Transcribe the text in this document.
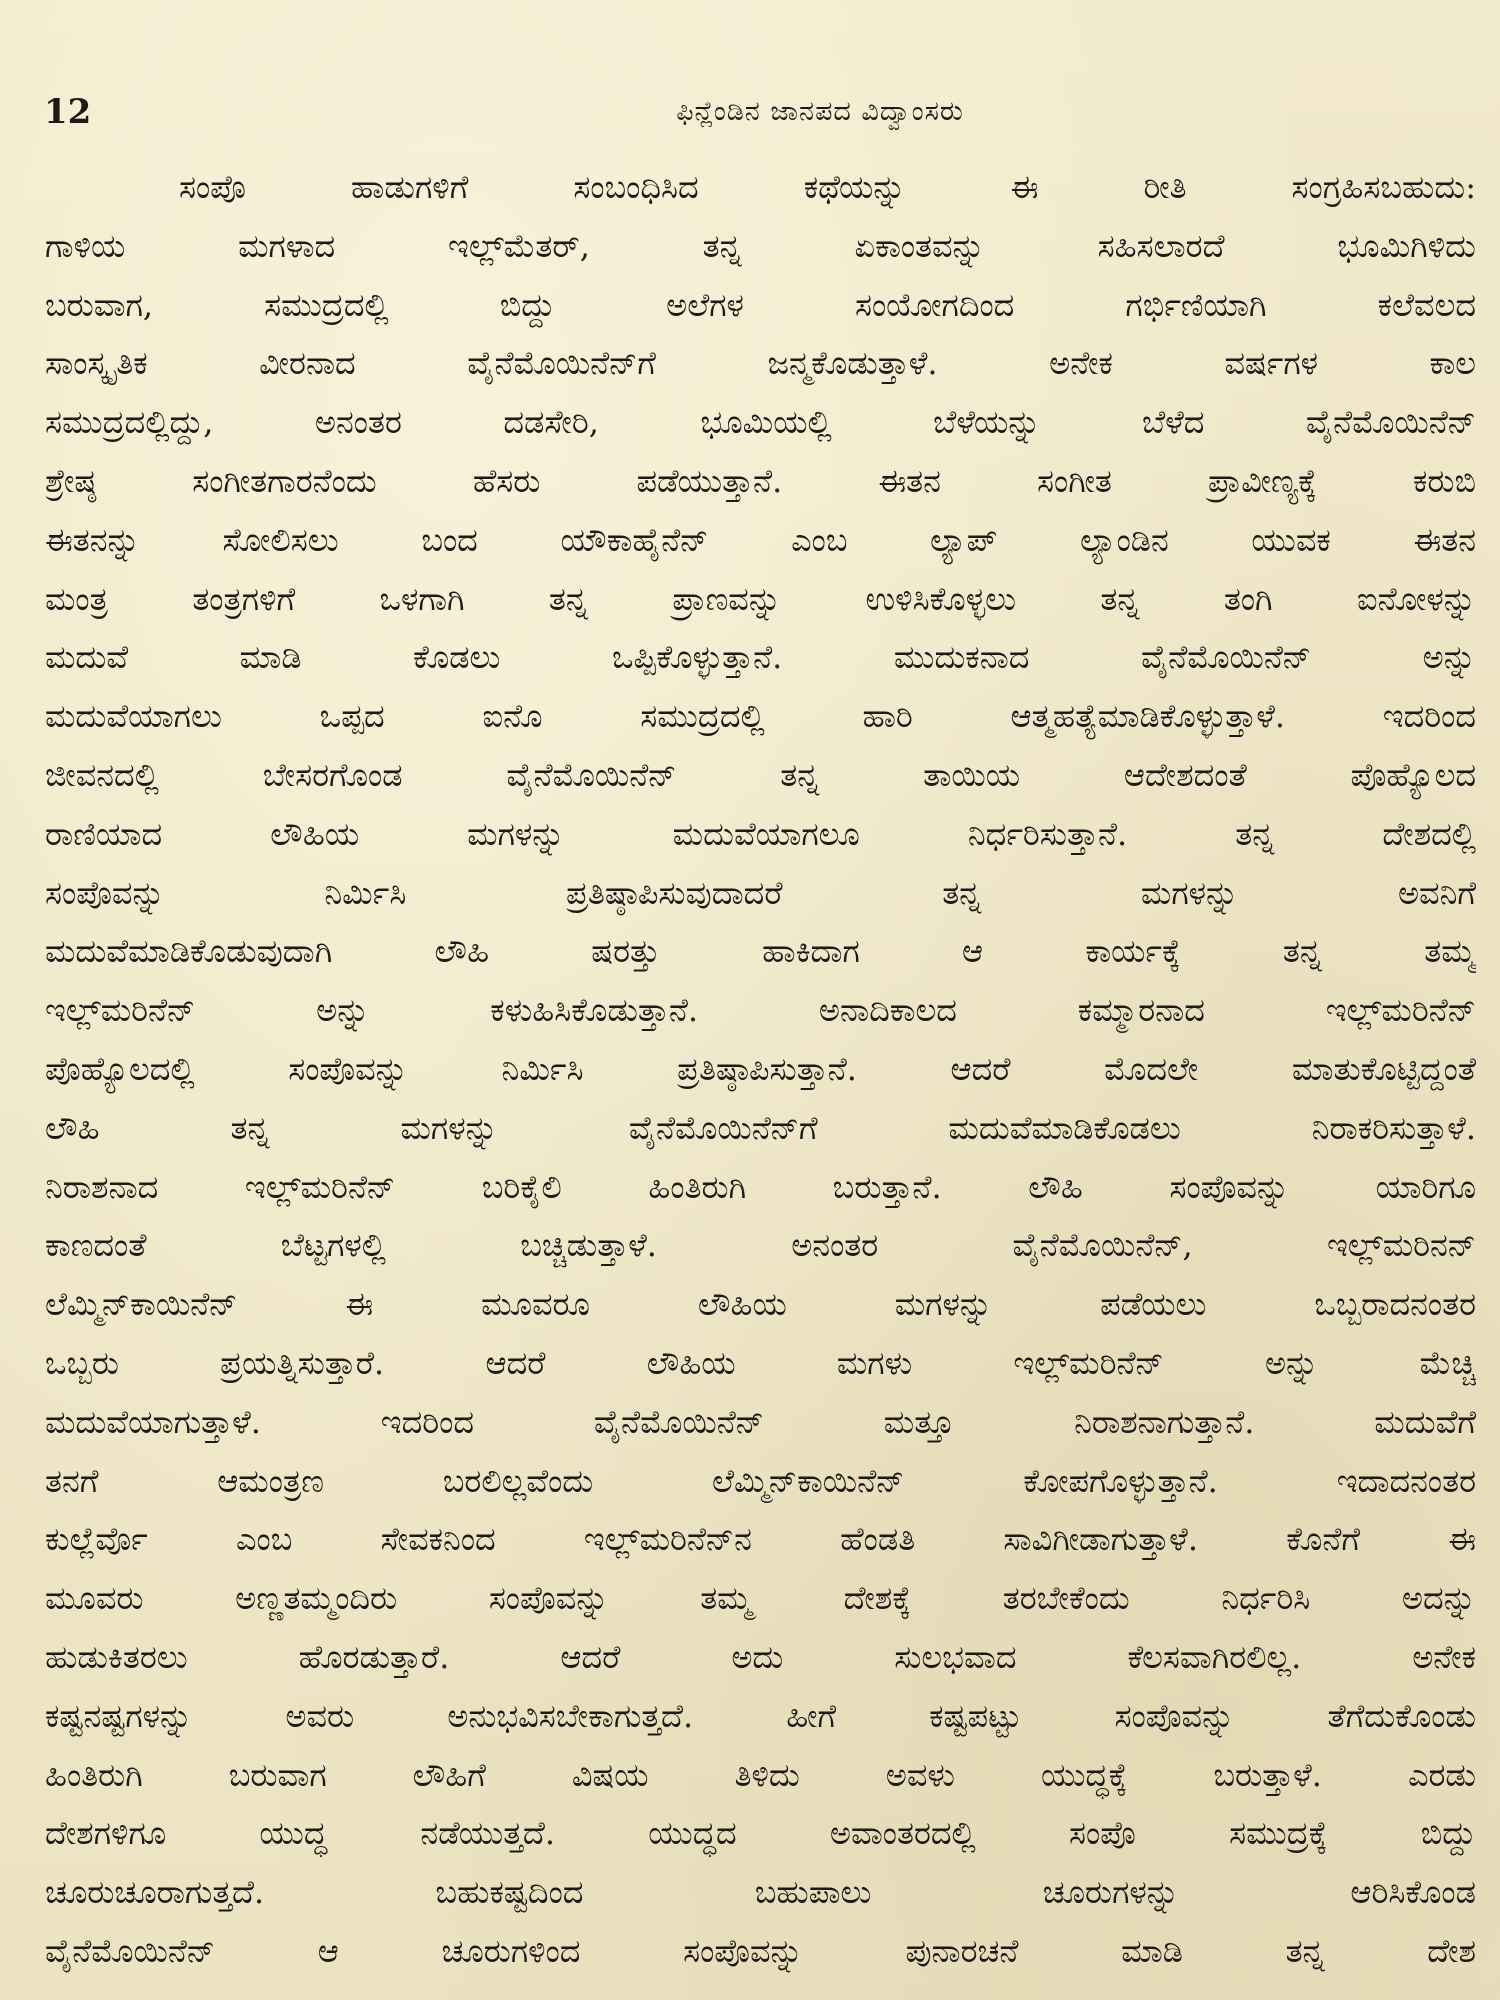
12	ಫಿನ್ಲೆಂಡಿನ ಜಾನಪದ ವಿದ್ವಾಂಸರು
ಸಂಪೊ ಹಾಡುಗಳಿಗೆ ಸಂಬಂಧಿಸಿದ ಕಥೆಯನ್ನು ಈ ರೀತಿ ಸಂಗ್ರಹಿಸಬಹುದು:
ಗಾಳಿಯ ಮಗಳಾದ ಇಲ್ಲ್‌ಮೆತರ್, ತನ್ನ ಏಕಾಂತವನ್ನು ಸಹಿಸಲಾರದೆ ಭೂಮಿಗಿಳಿದು
ಬರುವಾಗ, ಸಮುದ್ರದಲ್ಲಿ ಬಿದ್ದು ಅಲೆಗಳ ಸಂಯೋಗದಿಂದ ಗರ್ಭಿಣಿಯಾಗಿ ಕಲೆವಲದ
ಸಾಂಸ್ಕೃತಿಕ ವೀರನಾದ ವೈನೆಮೊಯಿನೆನ್‌ಗೆ ಜನ್ಮಕೊಡುತ್ತಾಳೆ. ಅನೇಕ ವರ್ಷಗಳ ಕಾಲ
ಸಮುದ್ರದಲ್ಲಿದ್ದು, ಅನಂತರ ದಡಸೇರಿ, ಭೂಮಿಯಲ್ಲಿ ಬೆಳೆಯನ್ನು ಬೆಳೆದ ವೈನೆಮೊಯಿನೆನ್
ಶ್ರೇಷ್ಠ ಸಂಗೀತಗಾರನೆಂದು ಹೆಸರು ಪಡೆಯುತ್ತಾನೆ. ಈತನ ಸಂಗೀತ ಪ್ರಾವೀಣ್ಯಕ್ಕೆ ಕರುಬಿ
ಈತನನ್ನು ಸೋಲಿಸಲು ಬಂದ ಯೌಕಾಹೈನೆನ್ ಎಂಬ ಲ್ಯಾಪ್ ಲ್ಯಾಂಡಿನ ಯುವಕ ಈತನ
ಮಂತ್ರ ತಂತ್ರಗಳಿಗೆ ಒಳಗಾಗಿ ತನ್ನ ಪ್ರಾಣವನ್ನು ಉಳಿಸಿಕೊಳ್ಳಲು ತನ್ನ ತಂಗಿ ಐನೋಳನ್ನು
ಮದುವೆ ಮಾಡಿ ಕೊಡಲು ಒಪ್ಪಿಕೊಳ್ಳುತ್ತಾನೆ. ಮುದುಕನಾದ ವೈನೆಮೊಯಿನೆನ್ ಅನ್ನು
ಮದುವೆಯಾಗಲು ಒಪ್ಪದ ಐನೊ ಸಮುದ್ರದಲ್ಲಿ ಹಾರಿ ಆತ್ಮಹತ್ಯೆಮಾಡಿಕೊಳ್ಳುತ್ತಾಳೆ. ಇದರಿಂದ
ಜೀವನದಲ್ಲಿ ಬೇಸರಗೊಂಡ ವೈನೆಮೊಯಿನೆನ್ ತನ್ನ ತಾಯಿಯ ಆದೇಶದಂತೆ ಪೊಹ್ಯೊಲದ
ರಾಣಿಯಾದ ಲೌಹಿಯ ಮಗಳನ್ನು ಮದುವೆಯಾಗಲೂ ನಿರ್ಧರಿಸುತ್ತಾನೆ. ತನ್ನ ದೇಶದಲ್ಲಿ
ಸಂಪೊವನ್ನು ನಿರ್ಮಿಸಿ ಪ್ರತಿಷ್ಠಾಪಿಸುವುದಾದರೆ ತನ್ನ ಮಗಳನ್ನು ಅವನಿಗೆ
ಮದುವೆಮಾಡಿಕೊಡುವುದಾಗಿ ಲೌಹಿ ಷರತ್ತು ಹಾಕಿದಾಗ ಆ ಕಾರ್ಯಕ್ಕೆ ತನ್ನ ತಮ್ಮ
ಇಲ್ಲ್‌ಮರಿನೆನ್ ಅನ್ನು ಕಳುಹಿಸಿಕೊಡುತ್ತಾನೆ. ಅನಾದಿಕಾಲದ ಕಮ್ಮಾರನಾದ ಇಲ್ಲ್‌ಮರಿನೆನ್
ಪೊಹ್ಯೊಲದಲ್ಲಿ ಸಂಪೊವನ್ನು ನಿರ್ಮಿಸಿ ಪ್ರತಿಷ್ಠಾಪಿಸುತ್ತಾನೆ. ಆದರೆ ಮೊದಲೇ ಮಾತುಕೊಟ್ಟಿದ್ದಂತೆ
ಲೌಹಿ ತನ್ನ ಮಗಳನ್ನು ವೈನೆಮೊಯಿನೆನ್‌ಗೆ ಮದುವೆಮಾಡಿಕೊಡಲು ನಿರಾಕರಿಸುತ್ತಾಳೆ.
ನಿರಾಶನಾದ ಇಲ್ಲ್‌ಮರಿನೆನ್ ಬರಿಕೈಲಿ ಹಿಂತಿರುಗಿ ಬರುತ್ತಾನೆ. ಲೌಹಿ ಸಂಪೊವನ್ನು ಯಾರಿಗೂ
ಕಾಣದಂತೆ ಬೆಟ್ಟಗಳಲ್ಲಿ ಬಚ್ಚಿಡುತ್ತಾಳೆ. ಅನಂತರ ವೈನೆಮೊಯಿನೆನ್, ಇಲ್ಲ್‌ಮರಿನನ್
ಲೆಮ್ಮಿನ್‌ಕಾಯಿನೆನ್ ಈ ಮೂವರೂ ಲೌಹಿಯ ಮಗಳನ್ನು ಪಡೆಯಲು ಒಬ್ಬರಾದನಂತರ
ಒಬ್ಬರು ಪ್ರಯತ್ನಿಸುತ್ತಾರೆ. ಆದರೆ ಲೌಹಿಯ ಮಗಳು ಇಲ್ಲ್‌ಮರಿನೆನ್ ಅನ್ನು ಮೆಚ್ಚಿ
ಮದುವೆಯಾಗುತ್ತಾಳೆ. ಇದರಿಂದ ವೈನೆಮೊಯಿನೆನ್ ಮತ್ತೂ ನಿರಾಶನಾಗುತ್ತಾನೆ. ಮದುವೆಗೆ
ತನಗೆ ಆಮಂತ್ರಣ ಬರಲಿಲ್ಲವೆಂದು ಲೆಮ್ಮಿನ್‌ಕಾಯಿನೆನ್ ಕೋಪಗೊಳ್ಳುತ್ತಾನೆ. ಇದಾದನಂತರ
ಕುಲ್ಲೆರ್ವೊ ಎಂಬ ಸೇವಕನಿಂದ ಇಲ್ಲ್‌ಮರಿನೆನ್‌ನ ಹೆಂಡತಿ ಸಾವಿಗೀಡಾಗುತ್ತಾಳೆ. ಕೊನೆಗೆ ಈ
ಮೂವರು ಅಣ್ಣತಮ್ಮಂದಿರು ಸಂಪೊವನ್ನು ತಮ್ಮ ದೇಶಕ್ಕೆ ತರಬೇಕೆಂದು ನಿರ್ಧರಿಸಿ ಅದನ್ನು
ಹುಡುಕಿತರಲು ಹೊರಡುತ್ತಾರೆ. ಆದರೆ ಅದು ಸುಲಭವಾದ ಕೆಲಸವಾಗಿರಲಿಲ್ಲ. ಅನೇಕ
ಕಷ್ಟನಷ್ಟಗಳನ್ನು ಅವರು ಅನುಭವಿಸಬೇಕಾಗುತ್ತದೆ. ಹೀಗೆ ಕಷ್ಟಪಟ್ಟು ಸಂಪೊವನ್ನು ತೆಗೆದುಕೊಂಡು
ಹಿಂತಿರುಗಿ ಬರುವಾಗ ಲೌಹಿಗೆ ವಿಷಯ ತಿಳಿದು ಅವಳು ಯುದ್ಧಕ್ಕೆ ಬರುತ್ತಾಳೆ. ಎರಡು
ದೇಶಗಳಿಗೂ ಯುದ್ಧ ನಡೆಯುತ್ತದೆ. ಯುದ್ಧದ ಅವಾಂತರದಲ್ಲಿ ಸಂಪೊ ಸಮುದ್ರಕ್ಕೆ ಬಿದ್ದು
ಚೂರುಚೂರಾಗುತ್ತದೆ. ಬಹುಕಷ್ಟದಿಂದ ಬಹುಪಾಲು ಚೂರುಗಳನ್ನು ಆರಿಸಿಕೊಂಡ
ವೈನೆಮೊಯಿನೆನ್ ಆ ಚೂರುಗಳಿಂದ ಸಂಪೊವನ್ನು ಪುನಾರಚನೆ ಮಾಡಿ ತನ್ನ ದೇಶ
